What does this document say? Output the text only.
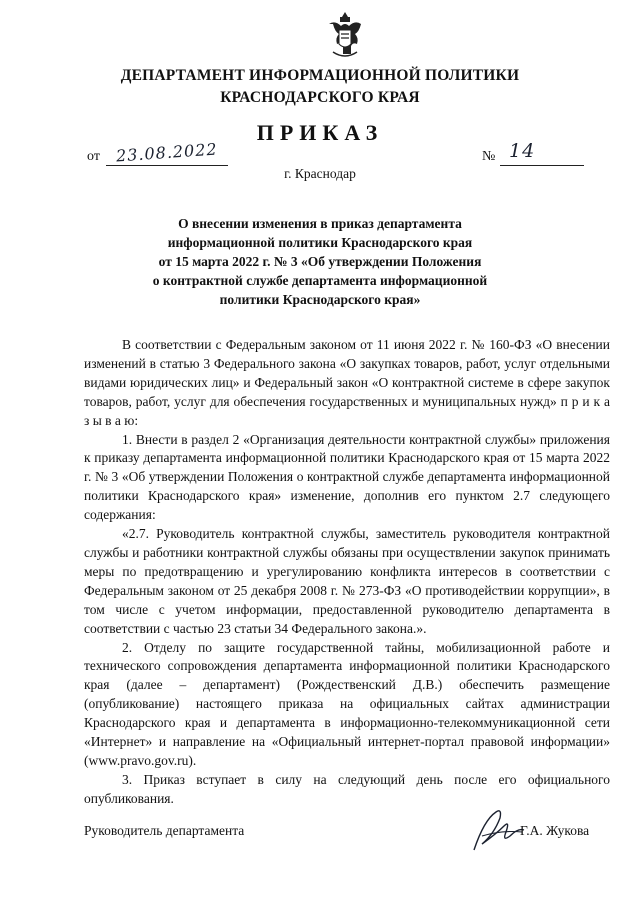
ДЕПАРТАМЕНТ ИНФОРМАЦИОННОЙ ПОЛИТИКИ
КРАСНОДАРСКОГО КРАЯ
ПРИКАЗ
от 23.08.2022	№ 14
г. Краснодар
О внесении изменения в приказ департамента
информационной политики Краснодарского края
от 15 марта 2022 г. № 3 «Об утверждении Положения
о контрактной службе департамента информационной
политики Краснодарского края»

В соответствии с Федеральным законом от 11 июня 2022 г. № 160-ФЗ «О внесении изменений в статью 3 Федерального закона «О закупках товаров, работ, услуг отдельными видами юридических лиц» и Федеральный закон «О контрактной системе в сфере закупок товаров, работ, услуг для обеспечения государственных и муниципальных нужд» п р и к а з ы в а ю:

1. Внести в раздел 2 «Организация деятельности контрактной службы» приложения к приказу департамента информационной политики Краснодарского края от 15 марта 2022 г. № 3 «Об утверждении Положения о контрактной службе департамента информационной политики Краснодарского края» изменение, дополнив его пунктом 2.7 следующего содержания:

«2.7. Руководитель контрактной службы, заместитель руководителя контрактной службы и работники контрактной службы обязаны при осуществлении закупок принимать меры по предотвращению и урегулированию конфликта интересов в соответствии с Федеральным законом от 25 декабря 2008 г. № 273-ФЗ «О противодействии коррупции», в том числе с учетом информации, предоставленной руководителю департамента в соответствии с частью 23 статьи 34 Федерального закона.».

2. Отделу по защите государственной тайны, мобилизационной работе и технического сопровождения департамента информационной политики Краснодарского края (далее – департамент) (Рождественский Д.В.) обеспечить размещение (опубликование) настоящего приказа на официальных сайтах администрации Краснодарского края и департамента в информационно-телекоммуникационной сети «Интернет» и направление на «Официальный интернет-портал правовой информации» (www.pravo.gov.ru).

3. Приказ вступает в силу на следующий день после его официального опубликования.

Руководитель департамента	Г.А. Жукова
